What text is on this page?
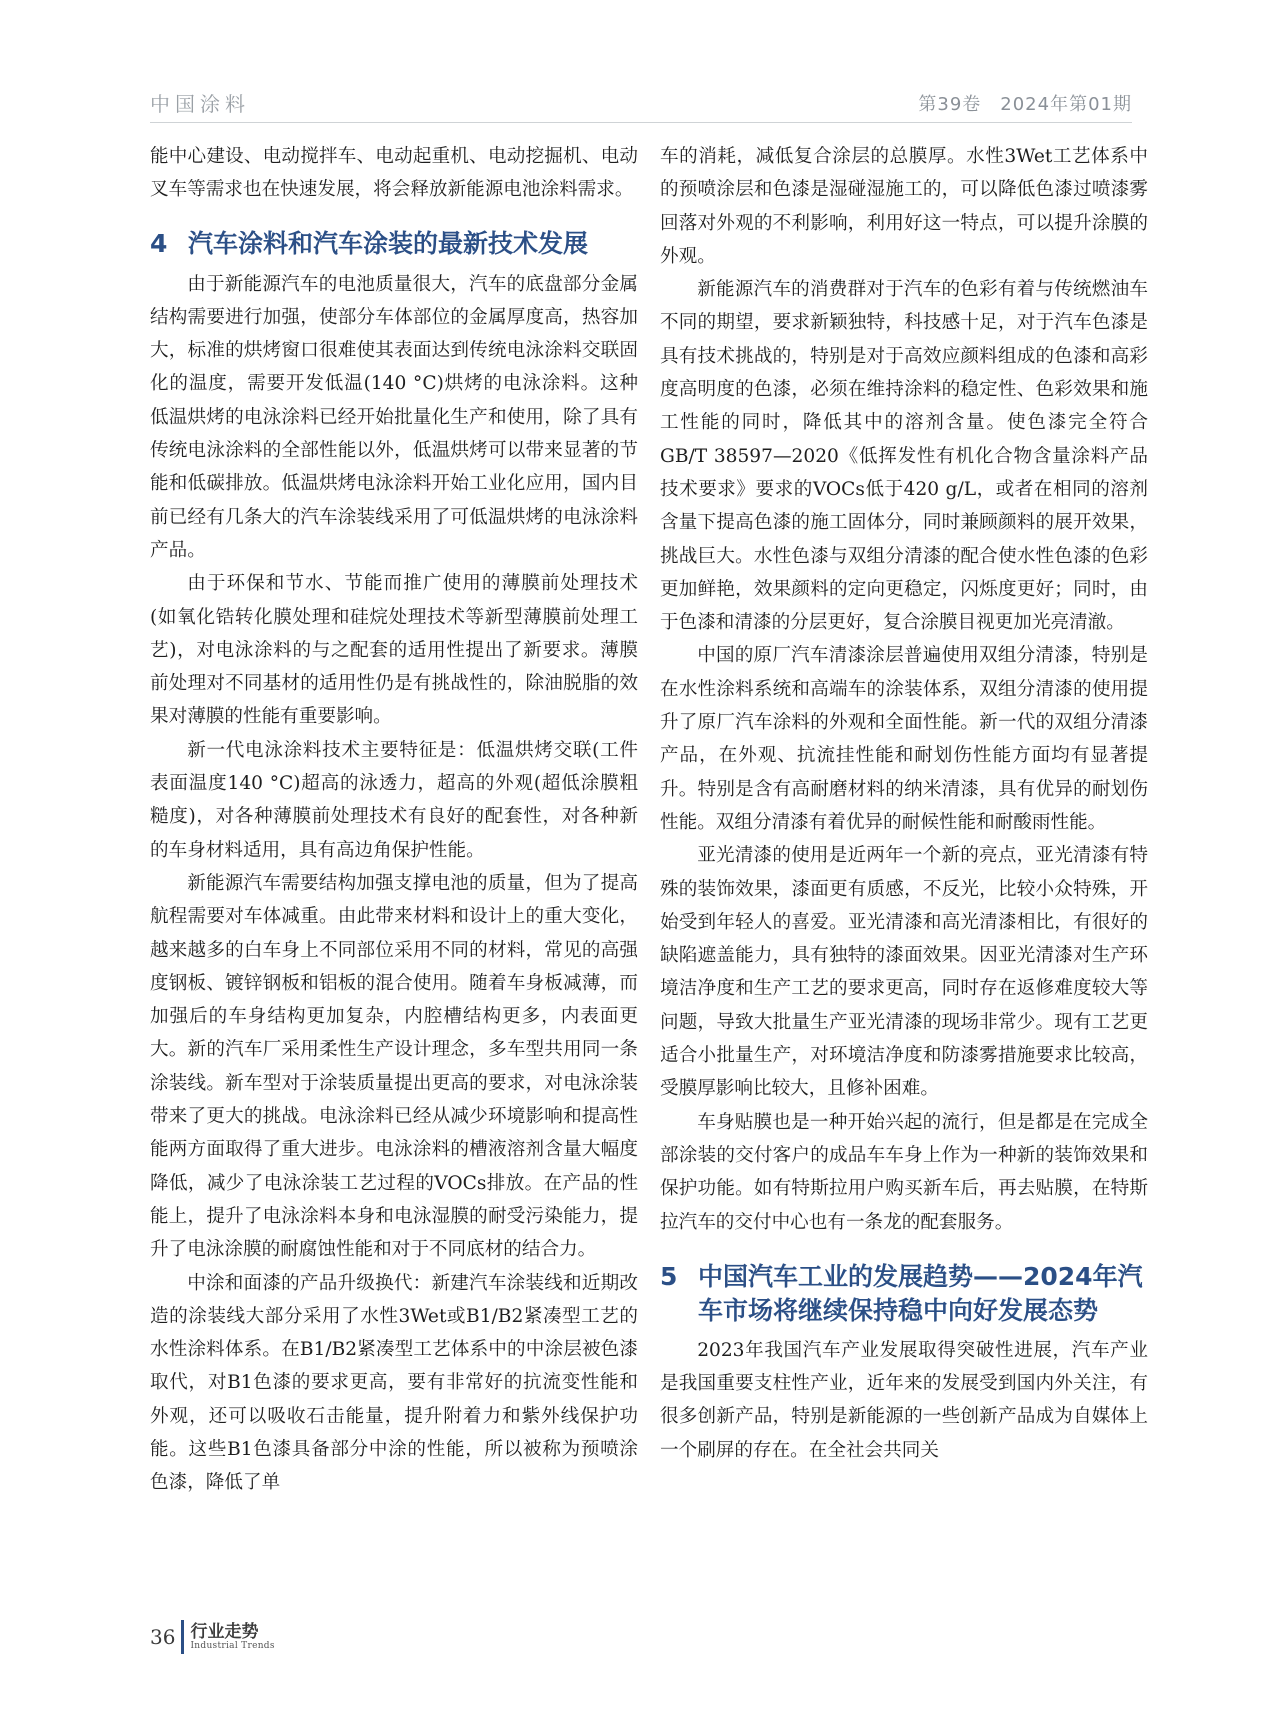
中国涂料	第39卷　2024年第01期

能中心建设、电动搅拌车、电动起重机、电动挖掘机、电动叉车等需求也在快速发展，将会释放新能源电池涂料需求。

4 汽车涂料和汽车涂装的最新技术发展

由于新能源汽车的电池质量很大，汽车的底盘部分金属结构需要进行加强，使部分车体部位的金属厚度高，热容加大，标准的烘烤窗口很难使其表面达到传统电泳涂料交联固化的温度，需要开发低温(140 °C)烘烤的电泳涂料。这种低温烘烤的电泳涂料已经开始批量化生产和使用，除了具有传统电泳涂料的全部性能以外，低温烘烤可以带来显著的节能和低碳排放。低温烘烤电泳涂料开始工业化应用，国内目前已经有几条大的汽车涂装线采用了可低温烘烤的电泳涂料产品。

由于环保和节水、节能而推广使用的薄膜前处理技术(如氧化锆转化膜处理和硅烷处理技术等新型薄膜前处理工艺)，对电泳涂料的与之配套的适用性提出了新要求。薄膜前处理对不同基材的适用性仍是有挑战性的，除油脱脂的效果对薄膜的性能有重要影响。

新一代电泳涂料技术主要特征是：低温烘烤交联(工件表面温度140 °C)超高的泳透力，超高的外观(超低涂膜粗糙度)，对各种薄膜前处理技术有良好的配套性，对各种新的车身材料适用，具有高边角保护性能。

新能源汽车需要结构加强支撑电池的质量，但为了提高航程需要对车体减重。由此带来材料和设计上的重大变化，越来越多的白车身上不同部位采用不同的材料，常见的高强度钢板、镀锌钢板和铝板的混合使用。随着车身板减薄，而加强后的车身结构更加复杂，内腔槽结构更多，内表面更大。新的汽车厂采用柔性生产设计理念，多车型共用同一条涂装线。新车型对于涂装质量提出更高的要求，对电泳涂装带来了更大的挑战。电泳涂料已经从减少环境影响和提高性能两方面取得了重大进步。电泳涂料的槽液溶剂含量大幅度降低，减少了电泳涂装工艺过程的VOCs排放。在产品的性能上，提升了电泳涂料本身和电泳湿膜的耐受污染能力，提升了电泳涂膜的耐腐蚀性能和对于不同底材的结合力。

中涂和面漆的产品升级换代：新建汽车涂装线和近期改造的涂装线大部分采用了水性3Wet或B1/B2紧凑型工艺的水性涂料体系。在B1/B2紧凑型工艺体系中的中涂层被色漆取代，对B1色漆的要求更高，要有非常好的抗流变性能和外观，还可以吸收石击能量，提升附着力和紫外线保护功能。这些B1色漆具备部分中涂的性能，所以被称为预喷涂色漆，降低了单

车的消耗，减低复合涂层的总膜厚。水性3Wet工艺体系中的预喷涂层和色漆是湿碰湿施工的，可以降低色漆过喷漆雾回落对外观的不利影响，利用好这一特点，可以提升涂膜的外观。

新能源汽车的消费群对于汽车的色彩有着与传统燃油车不同的期望，要求新颖独特，科技感十足，对于汽车色漆是具有技术挑战的，特别是对于高效应颜料组成的色漆和高彩度高明度的色漆，必须在维持涂料的稳定性、色彩效果和施工性能的同时，降低其中的溶剂含量。使色漆完全符合GB/T 38597—2020《低挥发性有机化合物含量涂料产品技术要求》要求的VOCs低于420 g/L，或者在相同的溶剂含量下提高色漆的施工固体分，同时兼顾颜料的展开效果，挑战巨大。水性色漆与双组分清漆的配合使水性色漆的色彩更加鲜艳，效果颜料的定向更稳定，闪烁度更好；同时，由于色漆和清漆的分层更好，复合涂膜目视更加光亮清澈。

中国的原厂汽车清漆涂层普遍使用双组分清漆，特别是在水性涂料系统和高端车的涂装体系，双组分清漆的使用提升了原厂汽车涂料的外观和全面性能。新一代的双组分清漆产品，在外观、抗流挂性能和耐划伤性能方面均有显著提升。特别是含有高耐磨材料的纳米清漆，具有优异的耐划伤性能。双组分清漆有着优异的耐候性能和耐酸雨性能。

亚光清漆的使用是近两年一个新的亮点，亚光清漆有特殊的装饰效果，漆面更有质感，不反光，比较小众特殊，开始受到年轻人的喜爱。亚光清漆和高光清漆相比，有很好的缺陷遮盖能力，具有独特的漆面效果。因亚光清漆对生产环境洁净度和生产工艺的要求更高，同时存在返修难度较大等问题，导致大批量生产亚光清漆的现场非常少。现有工艺更适合小批量生产，对环境洁净度和防漆雾措施要求比较高，受膜厚影响比较大，且修补困难。

车身贴膜也是一种开始兴起的流行，但是都是在完成全部涂装的交付客户的成品车车身上作为一种新的装饰效果和保护功能。如有特斯拉用户购买新车后，再去贴膜，在特斯拉汽车的交付中心也有一条龙的配套服务。

5 中国汽车工业的发展趋势——2024年汽车市场将继续保持稳中向好发展态势

2023年我国汽车产业发展取得突破性进展，汽车产业是我国重要支柱性产业，近年来的发展受到国内外关注，有很多创新产品，特别是新能源的一些创新产品成为自媒体上一个刷屏的存在。在全社会共同关

36 行业走势
Industrial Trends
